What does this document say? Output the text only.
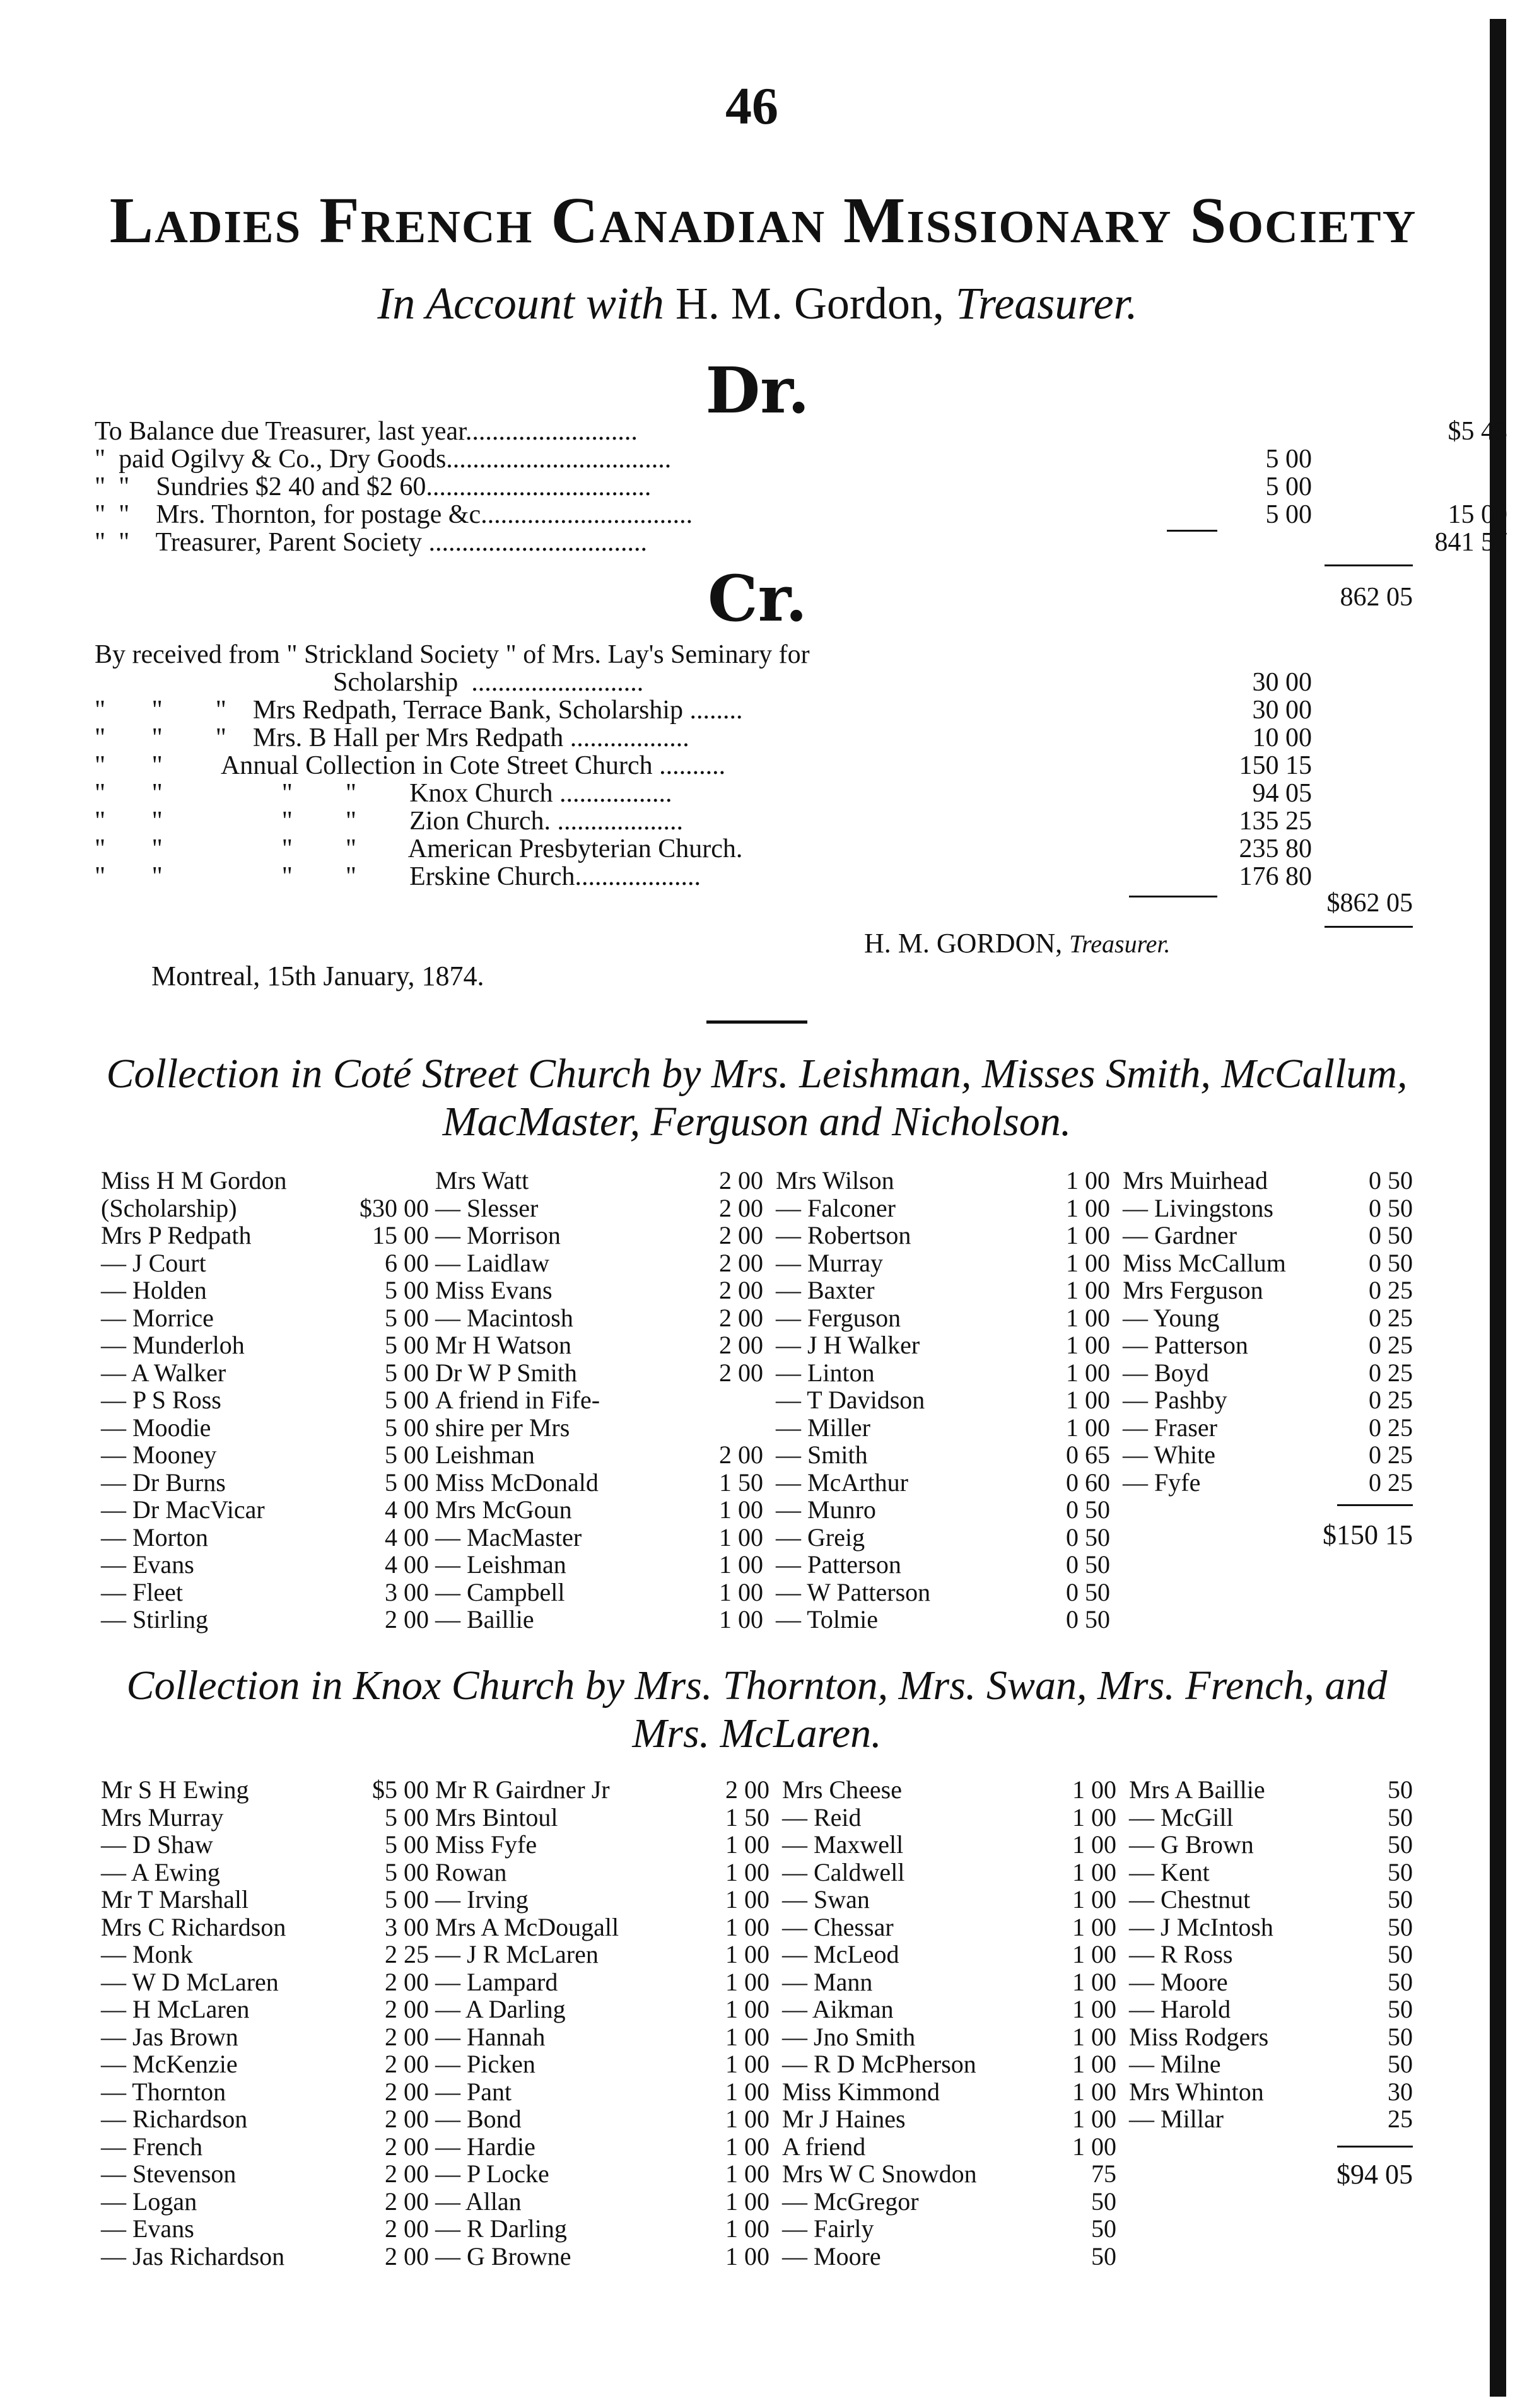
46
Ladies French Canadian Missionary Society
In Account with H. M. Gordon, Treasurer.
Dr.
To Balance due Treasurer, last year..........................	$5 48
"  paid Ogilvy & Co., Dry Goods..................................	5 00
"  "    Sundries $2 40 and $2 60..................................	5 00
"  "    Mrs. Thornton, for postage &c................................	5 00	15 00
"  "    Treasurer, Parent Society .................................	841 57
862 05
Cr.
By received from " Strickland Society " of Mrs. Lay's Seminary for
Scholarship  ..........................	30 00
"       "        "    Mrs Redpath, Terrace Bank, Scholarship ........	30 00
"       "        "    Mrs. B Hall per Mrs Redpath ..................	10 00
"       "         Annual Collection in Cote Street Church ..........	150 15
"       "                  "        "        Knox Church .................	94 05
"       "                  "        "        Zion Church. ...................	135 25
"       "                  "        "        American Presbyterian Church.	235 80
"       "                  "        "        Erskine Church...................	176 80
$862 05
H. M. GORDON, Treasurer.
Montreal, 15th January, 1874.
Collection in Coté Street Church by Mrs. Leishman, Misses Smith, McCallum, MacMaster, Ferguson and Nicholson.
Miss H M Gordon
(Scholarship)	$30 00
Mrs P Redpath	15 00
— J Court	6 00
— Holden	5 00
— Morrice	5 00
— Munderloh	5 00
— A Walker	5 00
— P S Ross	5 00
— Moodie	5 00
— Mooney	5 00
— Dr Burns	5 00
— Dr MacVicar	4 00
— Morton	4 00
— Evans	4 00
— Fleet	3 00
— Stirling	2 00
Mrs Watt	2 00
— Slesser	2 00
— Morrison	2 00
— Laidlaw	2 00
Miss Evans	2 00
— Macintosh	2 00
Mr H Watson	2 00
Dr W P Smith	2 00
A friend in Fife-
shire per Mrs
Leishman	2 00
Miss McDonald	1 50
Mrs McGoun	1 00
— MacMaster	1 00
— Leishman	1 00
— Campbell	1 00
— Baillie	1 00
Mrs Wilson	1 00
— Falconer	1 00
— Robertson	1 00
— Murray	1 00
— Baxter	1 00
— Ferguson	1 00
— J H Walker	1 00
— Linton	1 00
— T Davidson	1 00
— Miller	1 00
— Smith	0 65
— McArthur	0 60
— Munro	0 50
— Greig	0 50
— Patterson	0 50
— W Patterson	0 50
— Tolmie	0 50
Mrs Muirhead	0 50
— Livingstons	0 50
— Gardner	0 50
Miss McCallum	0 50
Mrs Ferguson	0 25
— Young	0 25
— Patterson	0 25
— Boyd	0 25
— Pashby	0 25
— Fraser	0 25
— White	0 25
— Fyfe	0 25
$150 15
Collection in Knox Church by Mrs. Thornton, Mrs. Swan, Mrs. French, and Mrs. McLaren.
Mr S H Ewing	$5 00
Mrs Murray	5 00
— D Shaw	5 00
— A Ewing	5 00
Mr T Marshall	5 00
Mrs C Richardson	3 00
— Monk	2 25
— W D McLaren	2 00
— H McLaren	2 00
— Jas Brown	2 00
— McKenzie	2 00
— Thornton	2 00
— Richardson	2 00
— French	2 00
— Stevenson	2 00
— Logan	2 00
— Evans	2 00
— Jas Richardson	2 00
Mr R Gairdner Jr	2 00
Mrs Bintoul	1 50
Miss Fyfe	1 00
Rowan	1 00
— Irving	1 00
Mrs A McDougall	1 00
— J R McLaren	1 00
— Lampard	1 00
— A Darling	1 00
— Hannah	1 00
— Picken	1 00
— Pant	1 00
— Bond	1 00
— Hardie	1 00
— P Locke	1 00
— Allan	1 00
— R Darling	1 00
— G Browne	1 00
Mrs Cheese	1 00
— Reid	1 00
— Maxwell	1 00
— Caldwell	1 00
— Swan	1 00
— Chessar	1 00
— McLeod	1 00
— Mann	1 00
— Aikman	1 00
— Jno Smith	1 00
— R D McPherson	1 00
Miss Kimmond	1 00
Mr J Haines	1 00
A friend	1 00
Mrs W C Snowdon	75
— McGregor	50
— Fairly	50
— Moore	50
Mrs A Baillie	50
— McGill	50
— G Brown	50
— Kent	50
— Chestnut	50
— J McIntosh	50
— R Ross	50
— Moore	50
— Harold	50
Miss Rodgers	50
— Milne	50
Mrs Whinton	30
— Millar	25
$94 05
